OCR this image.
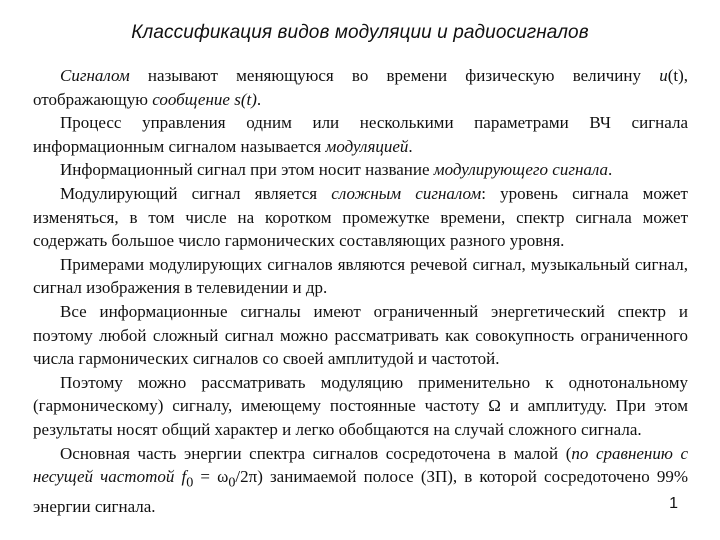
Классификация видов модуляции и радиосигналов

Сигналом называют меняющуюся во времени физическую величину u(t), отображающую сообщение s(t).

Процесс управления одним или несколькими параметрами ВЧ сигнала информационным сигналом называется модуляцией.

Информационный сигнал при этом носит название модулирующего сигнала.

Модулирующий сигнал является сложным сигналом: уровень сигнала может изменяться, в том числе на коротком промежутке времени, спектр сигнала может содержать большое число гармонических составляющих разного уровня.

Примерами модулирующих сигналов являются речевой сигнал, музыкальный сигнал, сигнал изображения в телевидении и др.

Все информационные сигналы имеют ограниченный энергетический спектр и поэтому любой сложный сигнал можно рассматривать как совокупность ограниченного числа гармонических сигналов со своей амплитудой и частотой.

Поэтому можно рассматривать модуляцию применительно к однотональному (гармоническому) сигналу, имеющему постоянные частоту Ω и амплитуду. При этом результаты носят общий характер и легко обобщаются на случай сложного сигнала.

Основная часть энергии спектра сигналов сосредоточена в малой (по сравнению с несущей частотой $f_0 = \omega_0/2\pi$) занимаемой полосе (ЗП), в которой сосредоточено 99% энергии сигнала.	1
